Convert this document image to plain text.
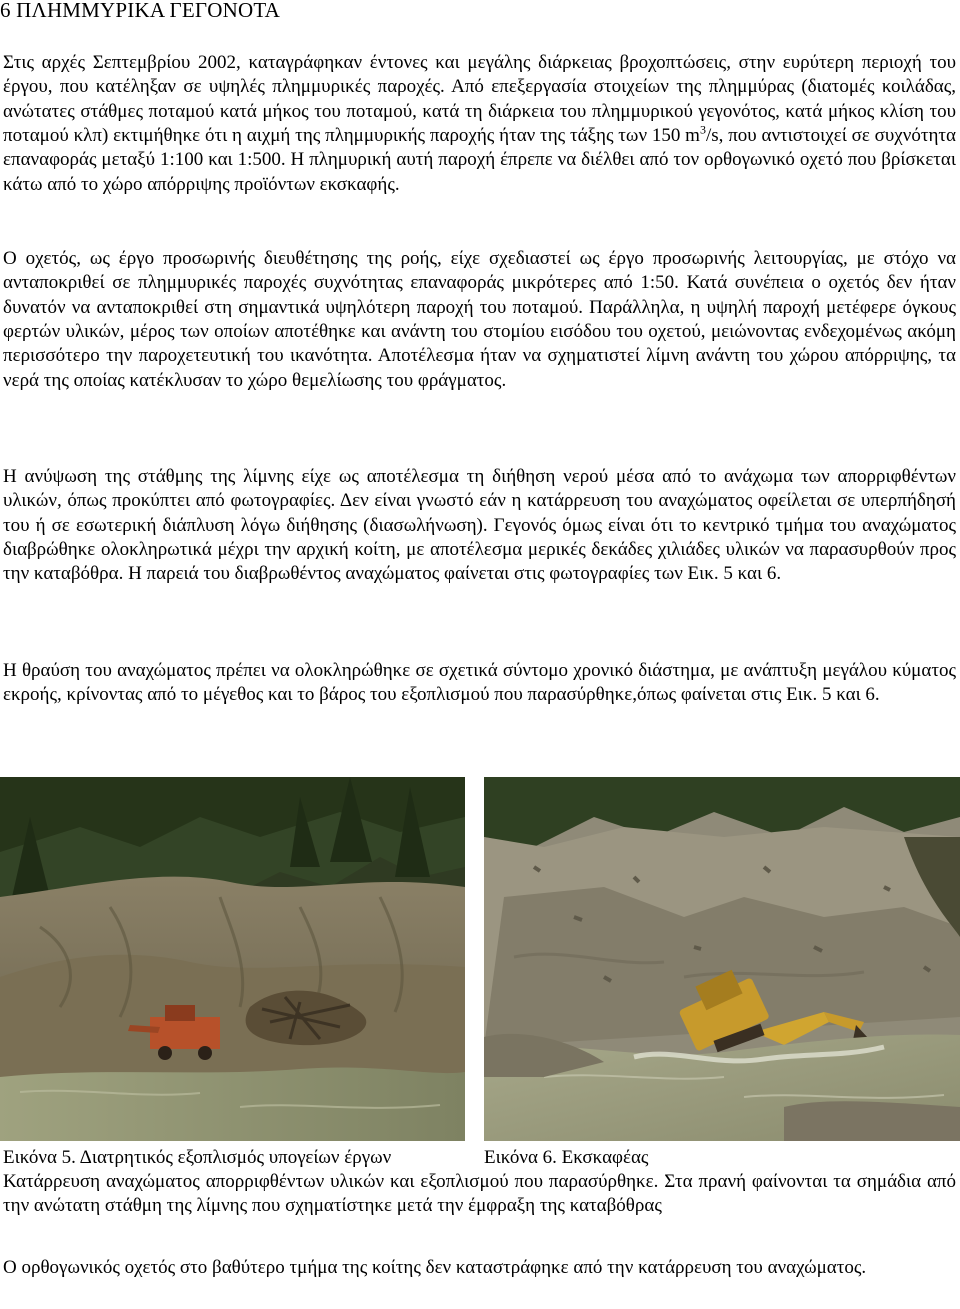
6 ΠΛΗΜΜΥΡΙΚΑ ΓΕΓΟΝΟΤΑ

Στις αρχές Σεπτεμβρίου 2002, καταγράφηκαν έντονες και μεγάλης διάρκειας βροχοπτώσεις, στην ευρύτερη περιοχή του έργου, που κατέληξαν σε υψηλές πλημμυρικές παροχές. Από επεξεργασία στοιχείων της πλημμύρας (διατομές κοιλάδας, ανώτατες στάθμες ποταμού κατά μήκος του ποταμού, κατά τη διάρκεια του πλημμυρικού γεγονότος, κατά μήκος κλίση του ποταμού κλπ) εκτιμήθηκε ότι η αιχμή της πλημμυρικής παροχής ήταν της τάξης των 150 $m^3/s$, που αντιστοιχεί σε συχνότητα επαναφοράς μεταξύ 1:100 και 1:500. Η πλημυρική αυτή παροχή έπρεπε να διέλθει από τον ορθογωνικό οχετό που βρίσκεται κάτω από το χώρο απόρριψης προϊόντων εκσκαφής.

Ο οχετός, ως έργο προσωρινής διευθέτησης της ροής, είχε σχεδιαστεί ως έργο προσωρινής λειτουργίας, με στόχο να ανταποκριθεί σε πλημμυρικές παροχές συχνότητας επαναφοράς μικρότερες από 1:50. Κατά συνέπεια ο οχετός δεν ήταν δυνατόν να ανταποκριθεί στη σημαντικά υψηλότερη παροχή του ποταμού. Παράλληλα, η υψηλή παροχή μετέφερε όγκους φερτών υλικών, μέρος των οποίων αποτέθηκε και ανάντη του στομίου εισόδου του οχετού, μειώνοντας ενδεχομένως ακόμη περισσότερο την παροχετευτική του ικανότητα. Αποτέλεσμα ήταν να σχηματιστεί λίμνη ανάντη του χώρου απόρριψης, τα νερά της οποίας κατέκλυσαν το χώρο θεμελίωσης του φράγματος.

Η ανύψωση της στάθμης της λίμνης είχε ως αποτέλεσμα τη διήθηση νερού μέσα από το ανάχωμα των απορριφθέντων υλικών, όπως προκύπτει από φωτογραφίες. Δεν είναι γνωστό εάν η κατάρρευση του αναχώματος οφείλεται σε υπερπήδησή του ή σε εσωτερική διάπλυση λόγω διήθησης (διασωλήνωση). Γεγονός όμως είναι ότι το κεντρικό τμήμα του αναχώματος διαβρώθηκε ολοκληρωτικά μέχρι την αρχική κοίτη, με αποτέλεσμα μερικές δεκάδες χιλιάδες υλικών να παρασυρθούν προς την καταβόθρα. Η παρειά του διαβρωθέντος αναχώματος φαίνεται στις φωτογραφίες των Εικ. 5 και 6.

Η θραύση του αναχώματος πρέπει να ολοκληρώθηκε σε σχετικά σύντομο χρονικό διάστημα, με ανάπτυξη μεγάλου κύματος εκροής, κρίνοντας από το μέγεθος και το βάρος του εξοπλισμού που παρασύρθηκε,όπως φαίνεται στις Εικ. 5 και 6.

Εικόνα 5. Διατρητικός εξοπλισμός υπογείων έργων	Εικόνα 6. Εκσκαφέας

Κατάρρευση αναχώματος απορριφθέντων υλικών και εξοπλισμού που παρασύρθηκε. Στα πρανή φαίνονται τα σημάδια από την ανώτατη στάθμη της λίμνης που σχηματίστηκε μετά την έμφραξη της καταβόθρας

Ο ορθογωνικός οχετός στο βαθύτερο τμήμα της κοίτης δεν καταστράφηκε από την κατάρρευση του αναχώματος.
